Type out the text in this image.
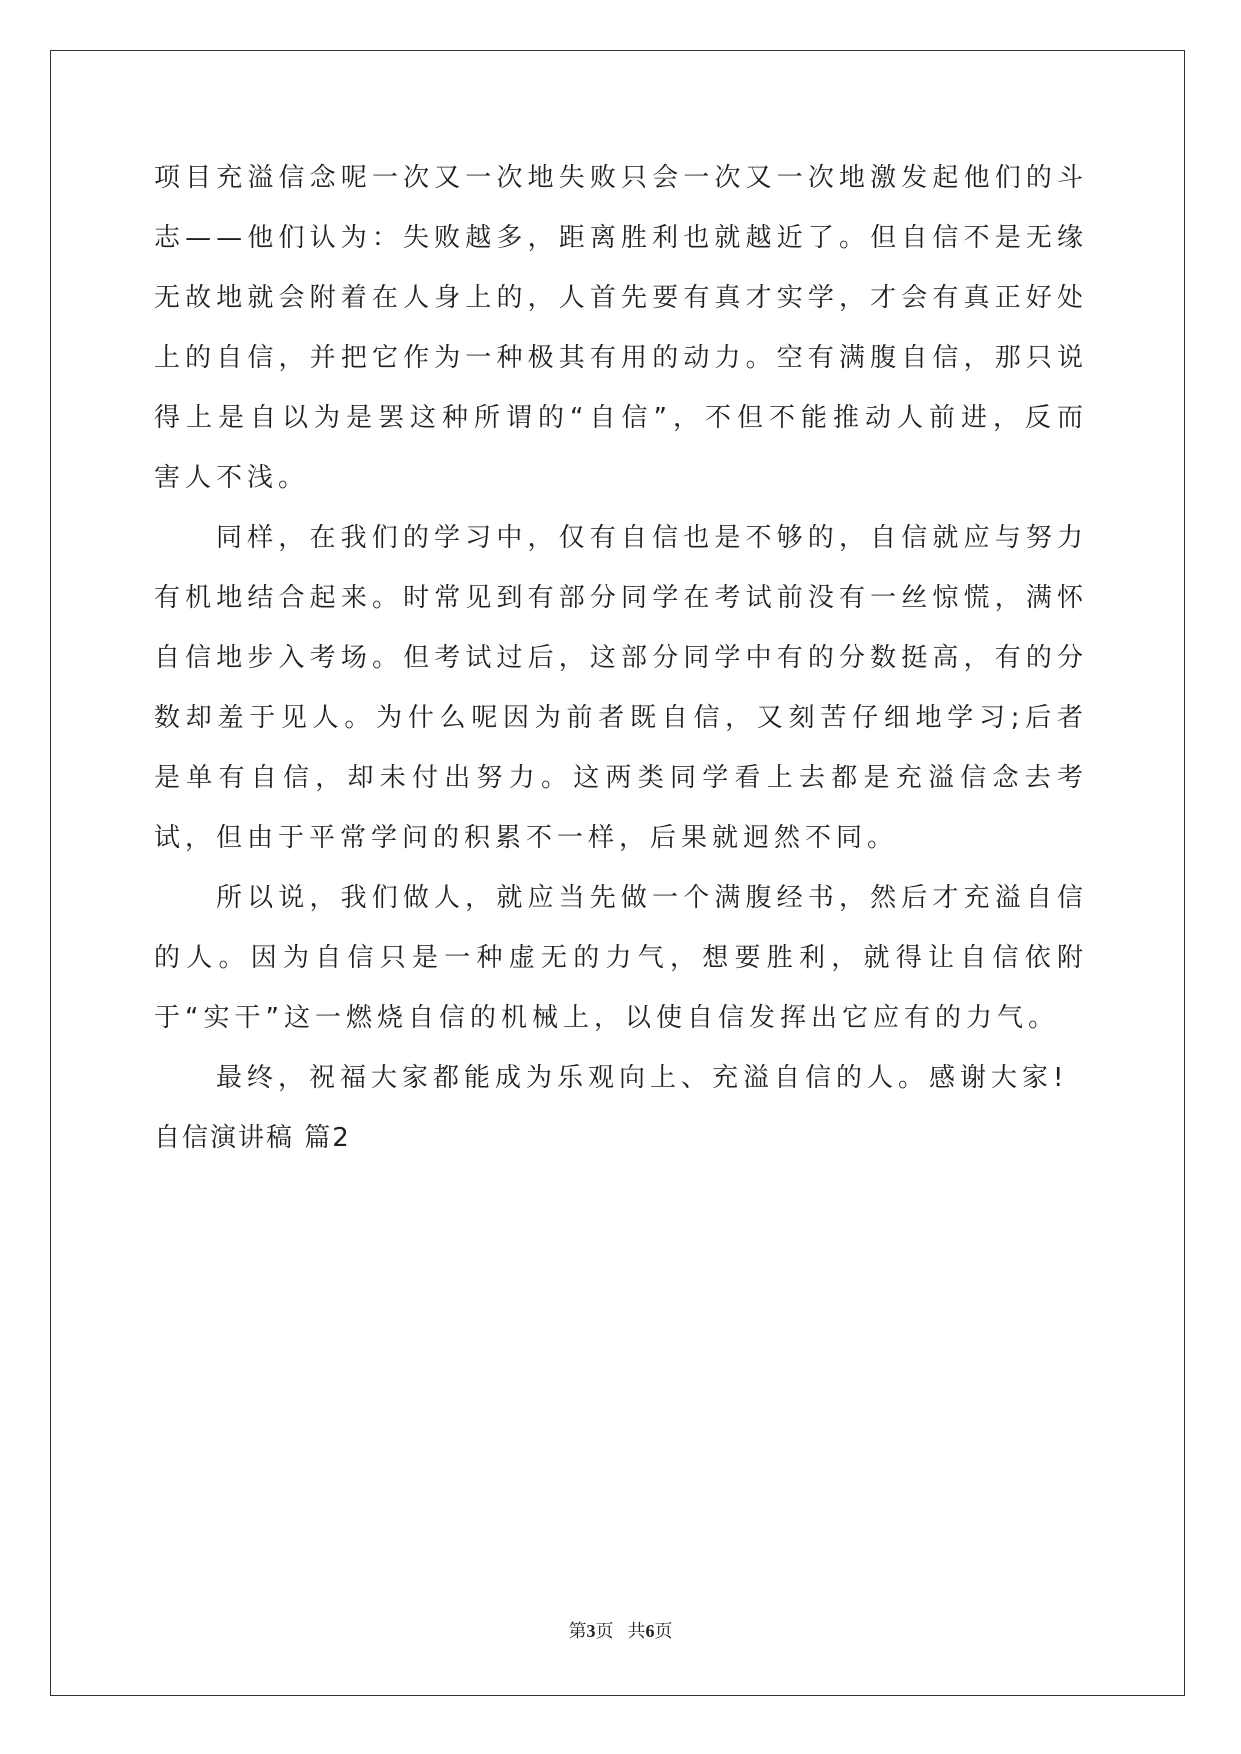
项目充溢信念呢一次又一次地失败只会一次又一次地激发起他们的斗志——他们认为：失败越多，距离胜利也就越近了。但自信不是无缘无故地就会附着在人身上的，人首先要有真才实学，才会有真正好处上的自信，并把它作为一种极其有用的动力。空有满腹自信，那只说得上是自以为是罢这种所谓的“自信”，不但不能推动人前进，反而害人不浅。

同样，在我们的学习中，仅有自信也是不够的，自信就应与努力有机地结合起来。时常见到有部分同学在考试前没有一丝惊慌，满怀自信地步入考场。但考试过后，这部分同学中有的分数挺高，有的分数却羞于见人。为什么呢因为前者既自信，又刻苦仔细地学习;后者是单有自信，却未付出努力。这两类同学看上去都是充溢信念去考试，但由于平常学问的积累不一样，后果就迥然不同。

所以说，我们做人，就应当先做一个满腹经书，然后才充溢自信的人。因为自信只是一种虚无的力气，想要胜利，就得让自信依附于“实干”这一燃烧自信的机械上，以使自信发挥出它应有的力气。

最终，祝福大家都能成为乐观向上、充溢自信的人。感谢大家!

自信演讲稿 篇2

第3页 共6页
